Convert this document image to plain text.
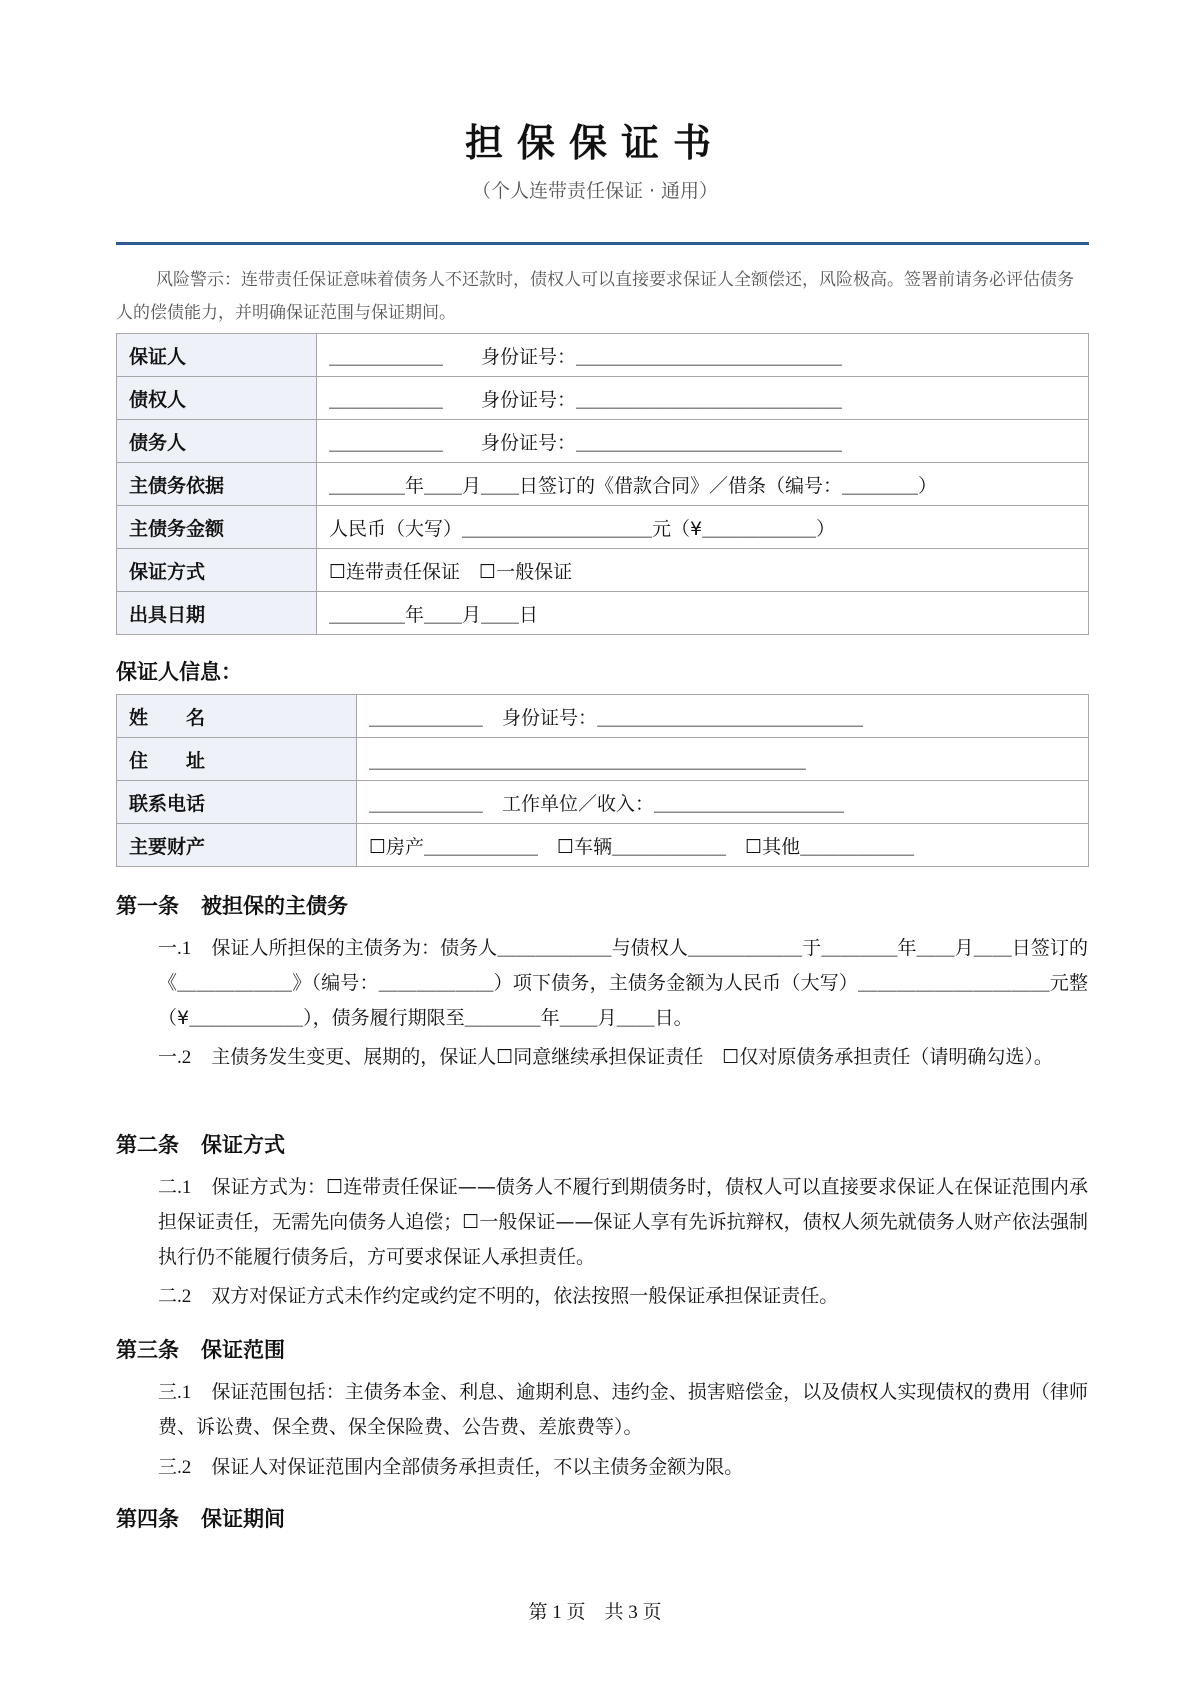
担保保证书
（个人连带责任保证 · 通用）
风险警示：连带责任保证意味着债务人不还款时，债权人可以直接要求保证人全额偿还，风险极高。签署前请务必评估债务人的偿债能力，并明确保证范围与保证期间。
保证人	＿＿＿＿＿＿　　身份证号：＿＿＿＿＿＿＿＿＿＿＿＿＿＿
债权人	＿＿＿＿＿＿　　身份证号：＿＿＿＿＿＿＿＿＿＿＿＿＿＿
债务人	＿＿＿＿＿＿　　身份证号：＿＿＿＿＿＿＿＿＿＿＿＿＿＿
主债务依据	＿＿＿＿年＿＿月＿＿日签订的《借款合同》／借条（编号：＿＿＿＿）
主债务金额	人民币（大写）＿＿＿＿＿＿＿＿＿＿元（¥＿＿＿＿＿＿）
保证方式	☐连带责任保证　☐一般保证
出具日期	＿＿＿＿年＿＿月＿＿日
保证人信息：
姓　　名	＿＿＿＿＿＿　身份证号：＿＿＿＿＿＿＿＿＿＿＿＿＿＿
住　　址	＿＿＿＿＿＿＿＿＿＿＿＿＿＿＿＿＿＿＿＿＿＿＿
联系电话	＿＿＿＿＿＿　工作单位／收入：＿＿＿＿＿＿＿＿＿＿
主要财产	☐房产＿＿＿＿＿＿　☐车辆＿＿＿＿＿＿　☐其他＿＿＿＿＿＿
第一条 被担保的主债务
一.1 保证人所担保的主债务为：债务人＿＿＿＿＿＿与债权人＿＿＿＿＿＿于＿＿＿＿年＿＿月＿＿日签订的《＿＿＿＿＿＿》（编号：＿＿＿＿＿＿）项下债务，主债务金额为人民币（大写）＿＿＿＿＿＿＿＿＿＿元整（¥＿＿＿＿＿＿），债务履行期限至＿＿＿＿年＿＿月＿＿日。
一.2 主债务发生变更、展期的，保证人☐同意继续承担保证责任　☐仅对原债务承担责任（请明确勾选）。
第二条 保证方式
二.1 保证方式为：☐连带责任保证——债务人不履行到期债务时，债权人可以直接要求保证人在保证范围内承担保证责任，无需先向债务人追偿；☐一般保证——保证人享有先诉抗辩权，债权人须先就债务人财产依法强制执行仍不能履行债务后，方可要求保证人承担责任。
二.2 双方对保证方式未作约定或约定不明的，依法按照一般保证承担保证责任。
第三条 保证范围
三.1 保证范围包括：主债务本金、利息、逾期利息、违约金、损害赔偿金，以及债权人实现债权的费用（律师费、诉讼费、保全费、保全保险费、公告费、差旅费等）。
三.2 保证人对保证范围内全部债务承担责任，不以主债务金额为限。
第四条 保证期间
第 1 页　共 3 页
